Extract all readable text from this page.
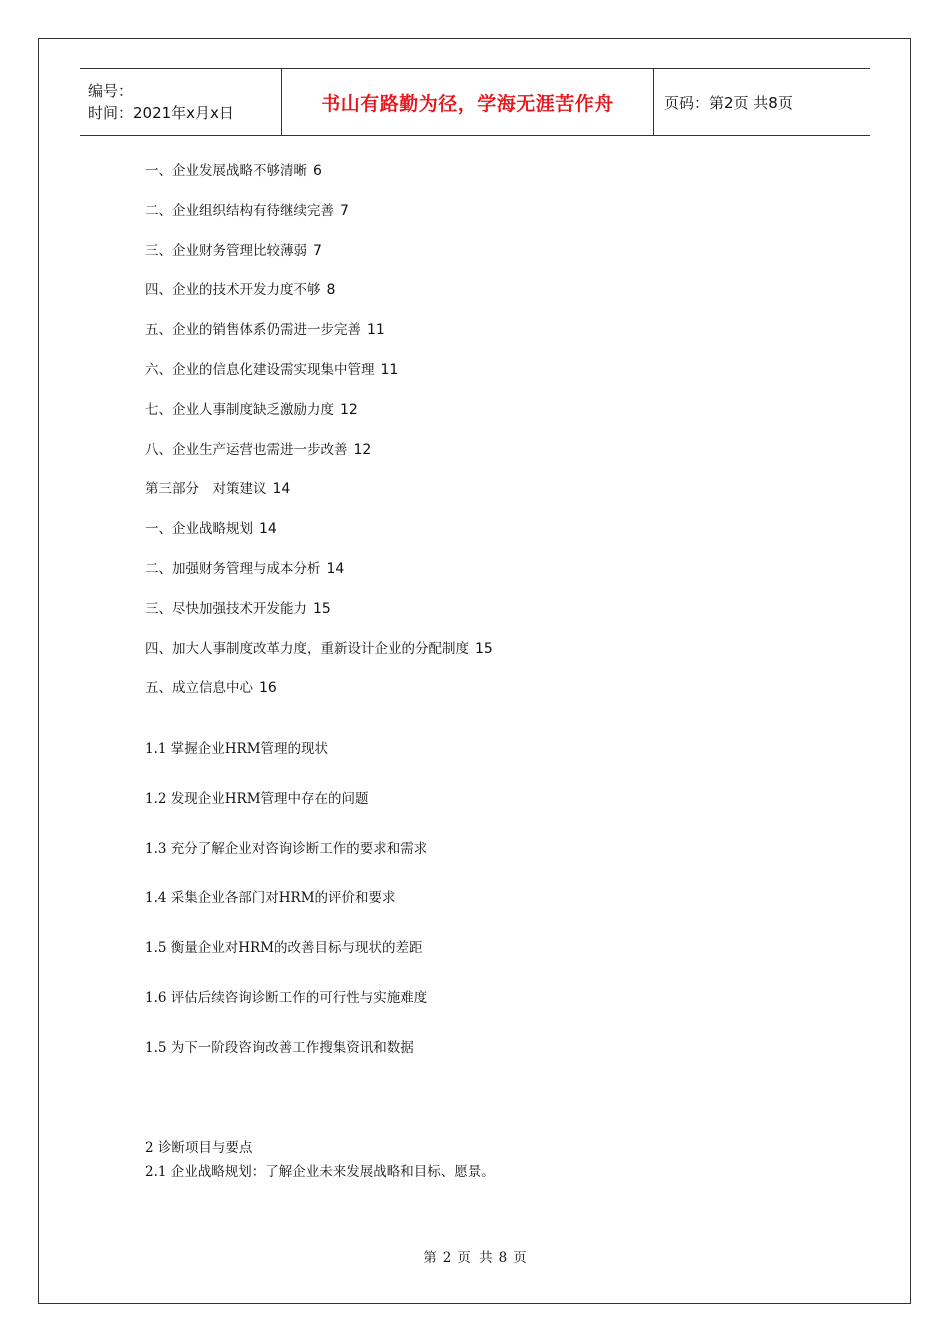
编号：
时间：2021年x月x日	书山有路勤为径，学海无涯苦作舟	页码：第2页 共8页
一、企业发展战略不够清晰 6
二、企业组织结构有待继续完善 7
三、企业财务管理比较薄弱 7
四、企业的技术开发力度不够 8
五、企业的销售体系仍需进一步完善 11
六、企业的信息化建设需实现集中管理 11
七、企业人事制度缺乏激励力度 12
八、企业生产运营也需进一步改善 12
第三部分　对策建议 14
一、企业战略规划 14
二、加强财务管理与成本分析 14
三、尽快加强技术开发能力 15
四、加大人事制度改革力度，重新设计企业的分配制度 15
五、成立信息中心 16
1.1 掌握企业HRM管理的现状
1.2 发现企业HRM管理中存在的问题
1.3 充分了解企业对咨询诊断工作的要求和需求
1.4 采集企业各部门对HRM的评价和要求
1.5 衡量企业对HRM的改善目标与现状的差距
1.6 评估后续咨询诊断工作的可行性与实施难度
1.5 为下一阶段咨询改善工作搜集资讯和数据
2 诊断项目与要点
2.1 企业战略规划：了解企业未来发展战略和目标、愿景。
第 2 页 共 8 页
